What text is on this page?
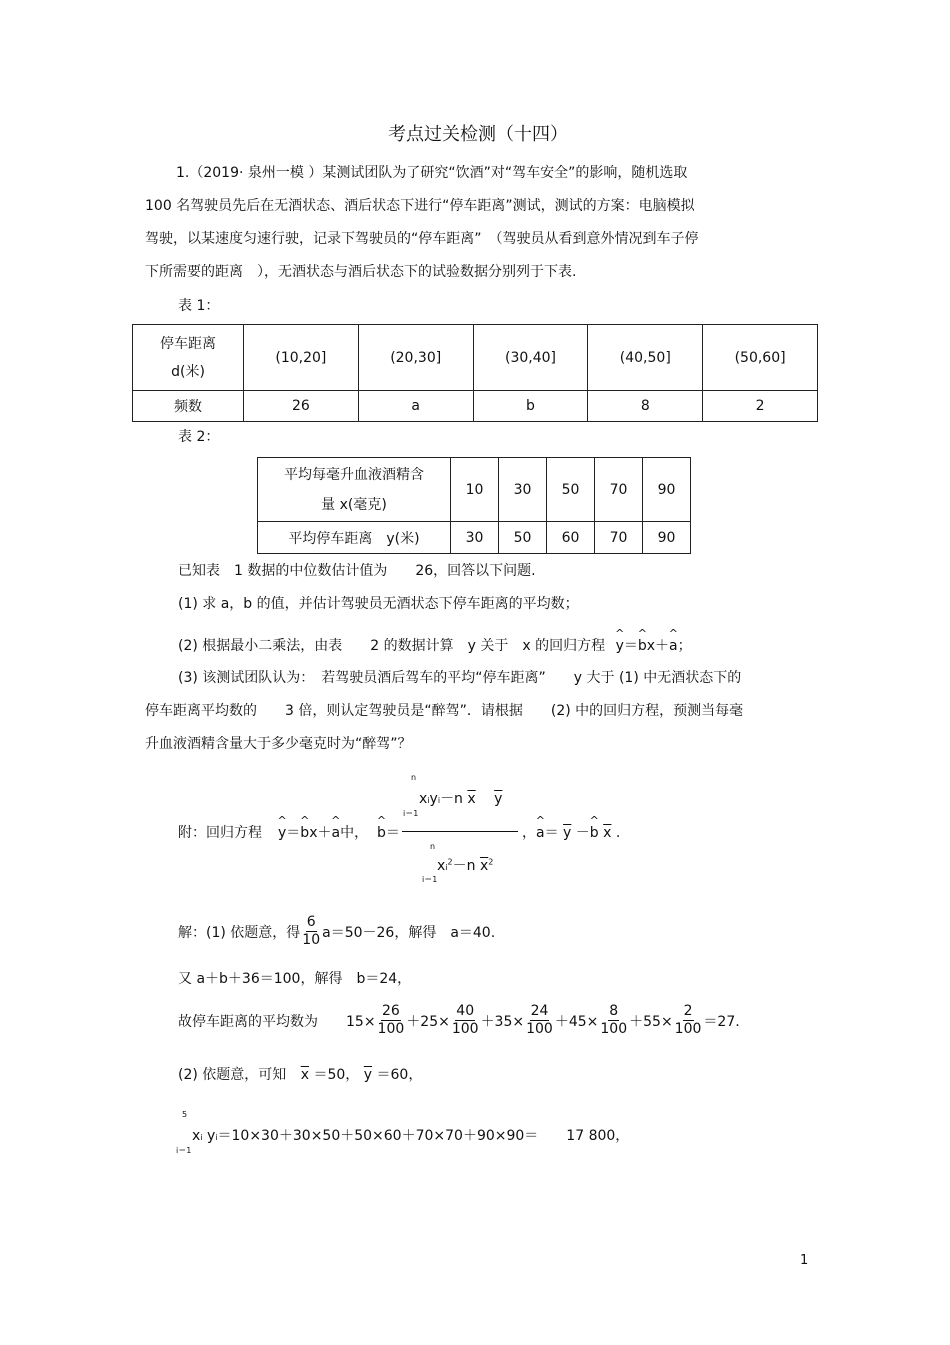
考点过关检测（十四）
1.（2019· 泉州一模 ）某测试团队为了研究“饮酒”对“驾车安全”的影响，随机选取
100 名驾驶员先后在无酒状态、酒后状态下进行“停车距离”测试，测试的方案：电脑模拟
驾驶，以某速度匀速行驶，记录下驾驶员的“停车距离”　（驾驶员从看到意外情况到车子停
下所需要的距离　），无酒状态与酒后状态下的试验数据分别列于下表.
表 1：
停车距离
d(米)	(10,20]	(20,30]	(30,40]	(40,50]	(50,60]
频数	26	a	b	8	2
表 2：
平均每毫升血液酒精含
量 x(毫克)	10	30	50	70	90
平均停车距离　y(米)	30	50	60	70	90
已知表　1 数据的中位数估计值为　　26，回答以下问题.
(1) 求 a，b 的值，并估计驾驶员无酒状态下停车距离的平均数；
(2) 根据最小二乘法，由表　　2 的数据计算　y 关于　x 的回归方程 ^ y＝^ bx＋^ a；
(3) 该测试团队认为：　若驾驶员酒后驾车的平均“停车距离”　　y 大于 (1) 中无酒状态下的
停车距离平均数的　　3 倍，则认定驾驶员是“醉驾”．请根据　　(2) 中的回归方程，预测当每毫
升血液酒精含量大于多少毫克时为“醉驾”？
附：回归方程 ^ y＝^ bx＋^ a中， ^ b＝
n
i＝1
xiyi－n $\overline{x}$　 $\overline{y}$
n
i＝1
$xi^2-n$ $\overline{x}^2$
，^ $a= \overline{y}$ －^ b $\overline{x}$ .
解：(1) 依题意，得 $\frac{6}{10} a=50-26$，解得　a＝40.
又 a＋b＋36＝100，解得　b＝24，
故停车距离的平均数为　　$15\times \frac{26}{100} +25\times \frac{40}{100} +35\times \frac{24}{100} +45\times \frac{8}{100} +55\times \frac{2}{100} =27$.
(2) 依题意，可知 $\overline{x} =50$， $\overline{y} =60$，
5
i＝1
xi yi＝10×30＋30×50＋50×60＋70×70＋90×90＝　　17 800，
1
